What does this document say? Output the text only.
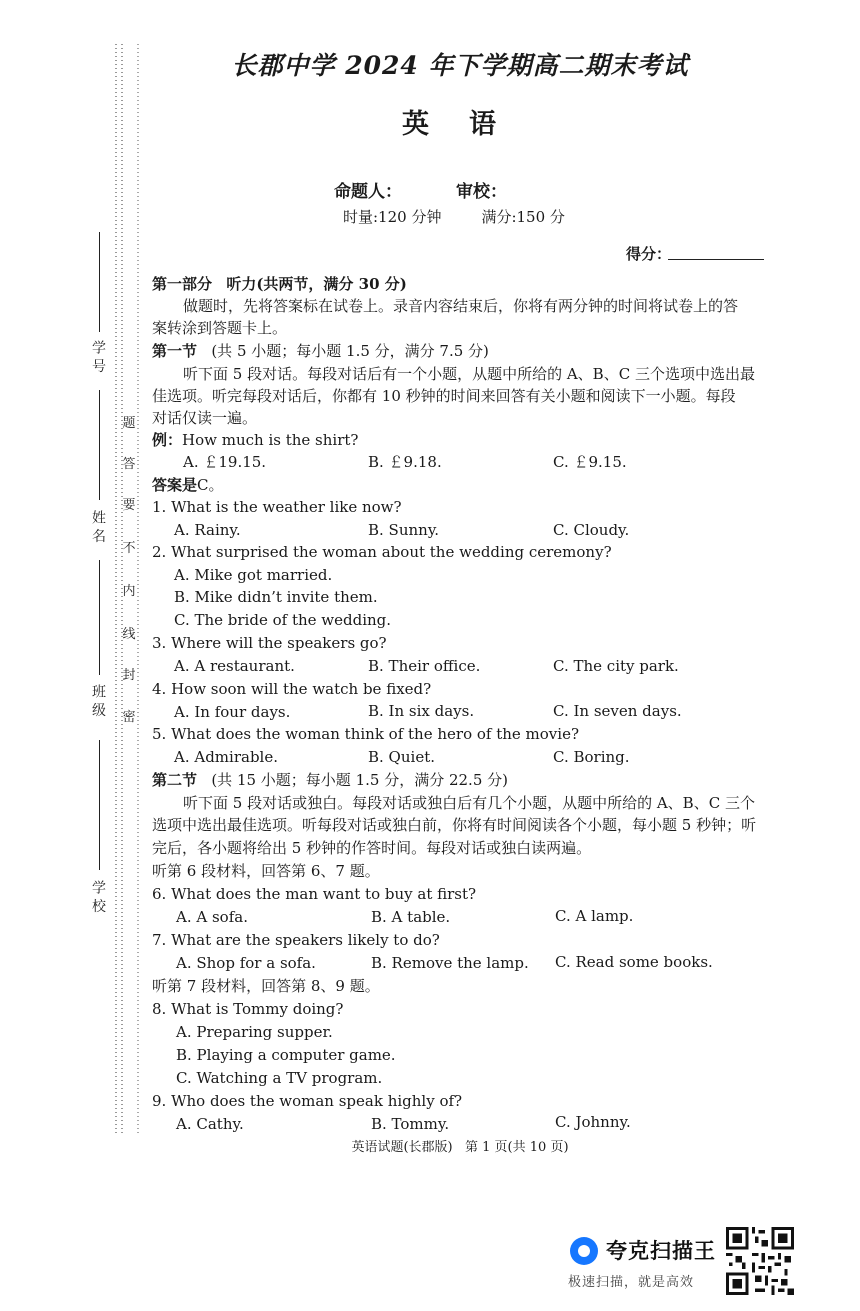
学 号
姓 名
班 级
学 校
题
答
要
不
内
线
封
密
长郡中学 2024 年下学期高二期末考试
英语
命题人：	审校：
时量:120 分钟	满分:150 分
得分：
第一部分 听力(共两节，满分 30 分)
做题时，先将答案标在试卷上。录音内容结束后，你将有两分钟的时间将试卷上的答
案转涂到答题卡上。
第一节 (共 5 小题；每小题 1.5 分，满分 7.5 分)
听下面 5 段对话。每段对话后有一个小题，从题中所给的 A、B、C 三个选项中选出最
佳选项。听完每段对话后，你都有 10 秒钟的时间来回答有关小题和阅读下一小题。每段
对话仅读一遍。
例：How much is the shirt?
A. ￡19.15.	B. ￡9.18.	C. ￡9.15.
答案是C。
1. What is the weather like now?
A. Rainy.	B. Sunny.	C. Cloudy.
2. What surprised the woman about the wedding ceremony?
A. Mike got married.
B. Mike didn’t invite them.
C. The bride of the wedding.
3. Where will the speakers go?
A. A restaurant.	B. Their office.	C. The city park.
4. How soon will the watch be fixed?
A. In four days.	B. In six days.	C. In seven days.
5. What does the woman think of the hero of the movie?
A. Admirable.	B. Quiet.	C. Boring.
第二节 (共 15 小题；每小题 1.5 分，满分 22.5 分)
听下面 5 段对话或独白。每段对话或独白后有几个小题，从题中所给的 A、B、C 三个
选项中选出最佳选项。听每段对话或独白前，你将有时间阅读各个小题，每小题 5 秒钟；听
完后，各小题将给出 5 秒钟的作答时间。每段对话或独白读两遍。
听第 6 段材料，回答第 6、7 题。
6. What does the man want to buy at first?
A. A sofa.	B. A table.	C. A lamp.
7. What are the speakers likely to do?
A. Shop for a sofa.	B. Remove the lamp. C. Read some books.
听第 7 段材料，回答第 8、9 题。
8. What is Tommy doing?
A. Preparing supper.
B. Playing a computer game.
C. Watching a TV program.
9. Who does the woman speak highly of?
A. Cathy.	B. Tommy.	C. Johnny.
英语试题(长郡版)   第 1 页(共 10 页)
夸克扫描王
极速扫描，就是高效
